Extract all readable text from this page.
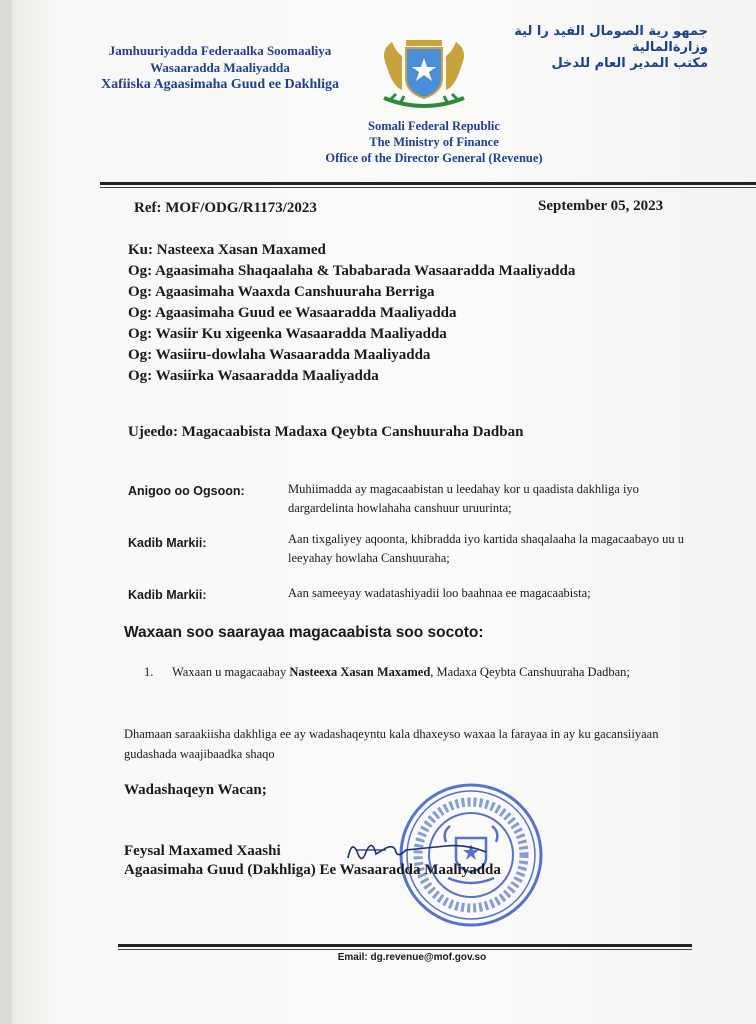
Jamhuuriyadda Federaalka Soomaaliya
Wasaaradda Maaliyadda
Xafiiska Agaasimaha Guud ee Dakhliga
جمهو رية الصومال الفيد را لية
وزارةالمالية
مكتب المدير العام للدخل
Somali Federal Republic
The Ministry of Finance
Office of the Director General (Revenue)
Ref: MOF/ODG/R1173/2023	September 05, 2023
Ku: Nasteexa Xasan Maxamed
Og: Agaasimaha Shaqaalaha & Tababarada Wasaaradda Maaliyadda
Og: Agaasimaha Waaxda Canshuuraha Berriga
Og: Agaasimaha Guud ee Wasaaradda Maaliyadda
Og: Wasiir Ku xigeenka Wasaaradda Maaliyadda
Og: Wasiiru-dowlaha Wasaaradda Maaliyadda
Og: Wasiirka Wasaaradda Maaliyadda
Ujeedo: Magacaabista Madaxa Qeybta Canshuuraha Dadban
Anigoo oo Ogsoon:	Muhiimadda ay magacaabistan u leedahay kor u qaadista dakhliga iyo dargardelinta howlahaha canshuur uruurinta;
Kadib Markii:	Aan tixgaliyey aqoonta, khibradda iyo kartida shaqalaaha la magacaabayo uu u leeyahay howlaha Canshuuraha;
Kadib Markii:	Aan sameeyay wadatashiyadii loo baahnaa ee magacaabista;
Waxaan soo saarayaa magacaabista soo socoto:
1.	Waxaan u magacaabay Nasteexa Xasan Maxamed, Madaxa Qeybta Canshuuraha Dadban;
Dhamaan saraakiisha dakhliga ee ay wadashaqeyntu kala dhaxeyso waxaa la farayaa in ay ku gacansiiyaan gudashada waajibaadka shaqo
Wadashaqeyn Wacan;
Feysal Maxamed Xaashi
Agaasimaha Guud (Dakhliga) Ee Wasaaradda Maaliyadda
Email: dg.revenue@mof.gov.so
